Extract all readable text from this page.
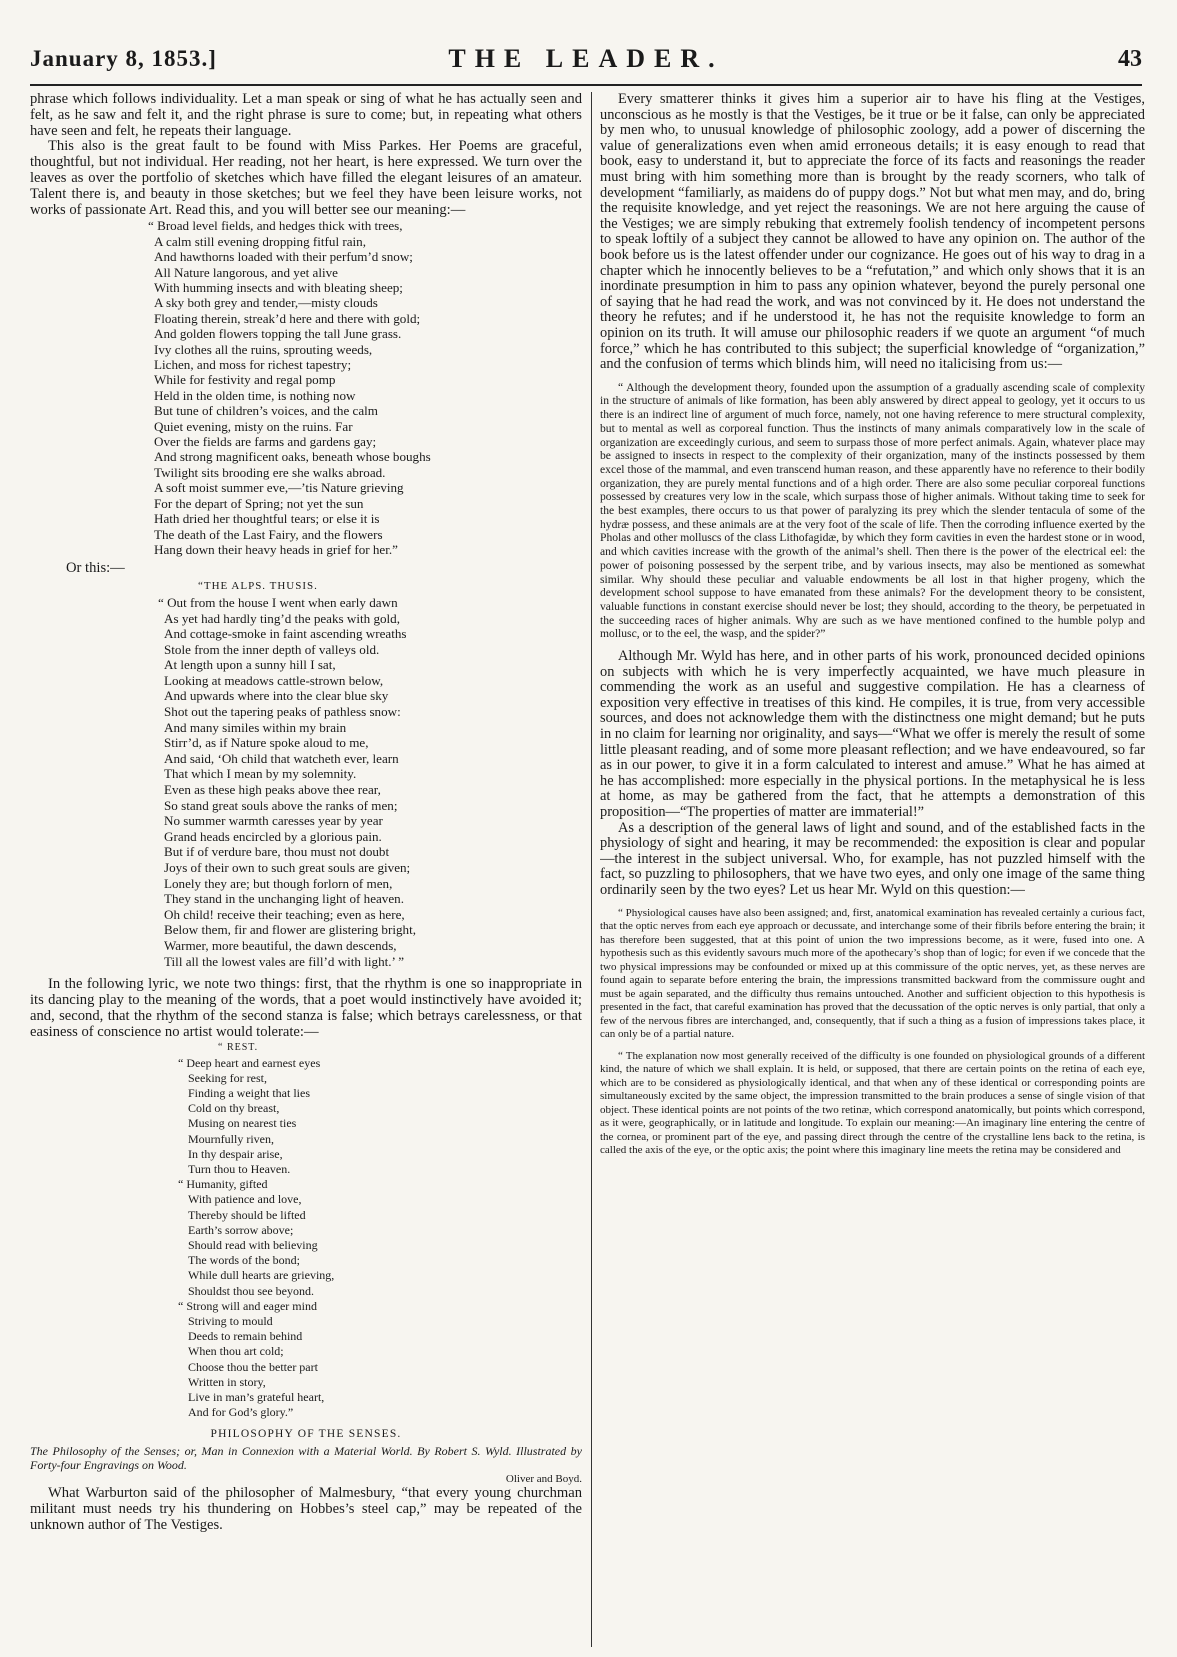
January 8, 1853.]	THE LEADER.	43

phrase which follows individuality. Let a man speak or sing of what he has actually seen and felt, as he saw and felt it, and the right phrase is sure to come; but, in repeating what others have seen and felt, he repeats their language.

This also is the great fault to be found with Miss Parkes. Her Poems are graceful, thoughtful, but not individual. Her reading, not her heart, is here expressed. We turn over the leaves as over the portfolio of sketches which have filled the elegant leisures of an amateur. Talent there is, and beauty in those sketches; but we feel they have been leisure works, not works of passionate Art. Read this, and you will better see our meaning:—

“ Broad level fields, and hedges thick with trees,
A calm still evening dropping fitful rain,
And hawthorns loaded with their perfum’d snow;
All Nature langorous, and yet alive
With humming insects and with bleating sheep;
A sky both grey and tender,—misty clouds
Floating therein, streak’d here and there with gold;
And golden flowers topping the tall June grass.
Ivy clothes all the ruins, sprouting weeds,
Lichen, and moss for richest tapestry;
While for festivity and regal pomp
Held in the olden time, is nothing now
But tune of children’s voices, and the calm
Quiet evening, misty on the ruins. Far
Over the fields are farms and gardens gay;
And strong magnificent oaks, beneath whose boughs
Twilight sits brooding ere she walks abroad.
A soft moist summer eve,—’tis Nature grieving
For the depart of Spring; not yet the sun
Hath dried her thoughtful tears; or else it is
The death of the Last Fairy, and the flowers
Hang down their heavy heads in grief for her.”
Or this:—
“THE ALPS. THUSIS.
“ Out from the house I went when early dawn
As yet had hardly ting’d the peaks with gold,
And cottage-smoke in faint ascending wreaths
Stole from the inner depth of valleys old.
At length upon a sunny hill I sat,
Looking at meadows cattle-strown below,
And upwards where into the clear blue sky
Shot out the tapering peaks of pathless snow:
And many similes within my brain
Stirr’d, as if Nature spoke aloud to me,
And said, ‘Oh child that watcheth ever, learn
That which I mean by my solemnity.
Even as these high peaks above thee rear,
So stand great souls above the ranks of men;
No summer warmth caresses year by year
Grand heads encircled by a glorious pain.
But if of verdure bare, thou must not doubt
Joys of their own to such great souls are given;
Lonely they are; but though forlorn of men,
They stand in the unchanging light of heaven.
Oh child! receive their teaching; even as here,
Below them, fir and flower are glistering bright,
Warmer, more beautiful, the dawn descends,
Till all the lowest vales are fill’d with light.’ ”

In the following lyric, we note two things: first, that the rhythm is one so inappropriate in its dancing play to the meaning of the words, that a poet would instinctively have avoided it; and, second, that the rhythm of the second stanza is false; which betrays carelessness, or that easiness of conscience no artist would tolerate:—

“ REST.
“ Deep heart and earnest eyes
Seeking for rest,
Finding a weight that lies
Cold on thy breast,
Musing on nearest ties
Mournfully riven,
In thy despair arise,
Turn thou to Heaven.
“ Humanity, gifted
With patience and love,
Thereby should be lifted
Earth’s sorrow above;
Should read with believing
The words of the bond;
While dull hearts are grieving,
Shouldst thou see beyond.
“ Strong will and eager mind
Striving to mould
Deeds to remain behind
When thou art cold;
Choose thou the better part
Written in story,
Live in man’s grateful heart,
And for God’s glory.”
PHILOSOPHY OF THE SENSES.
The Philosophy of the Senses; or, Man in Connexion with a Material World. By Robert S. Wyld. Illustrated by Forty-four Engravings on Wood.
Oliver and Boyd.

What Warburton said of the philosopher of Malmesbury, “that every young churchman militant must needs try his thundering on Hobbes’s steel cap,” may be repeated of the unknown author of The Vestiges.

Every smatterer thinks it gives him a superior air to have his fling at the Vestiges, unconscious as he mostly is that the Vestiges, be it true or be it false, can only be appreciated by men who, to unusual knowledge of philosophic zoology, add a power of discerning the value of generalizations even when amid erroneous details; it is easy enough to read that book, easy to understand it, but to appreciate the force of its facts and reasonings the reader must bring with him something more than is brought by the ready scorners, who talk of development “familiarly, as maidens do of puppy dogs.” Not but what men may, and do, bring the requisite knowledge, and yet reject the reasonings. We are not here arguing the cause of the Vestiges; we are simply rebuking that extremely foolish tendency of incompetent persons to speak loftily of a subject they cannot be allowed to have any opinion on. The author of the book before us is the latest offender under our cognizance. He goes out of his way to drag in a chapter which he innocently believes to be a “refutation,” and which only shows that it is an inordinate presumption in him to pass any opinion whatever, beyond the purely personal one of saying that he had read the work, and was not convinced by it. He does not understand the theory he refutes; and if he understood it, he has not the requisite knowledge to form an opinion on its truth. It will amuse our philosophic readers if we quote an argument “of much force,” which he has contributed to this subject; the superficial knowledge of “organization,” and the confusion of terms which blinds him, will need no italicising from us:—

“ Although the development theory, founded upon the assumption of a gradually ascending scale of complexity in the structure of animals of like formation, has been ably answered by direct appeal to geology, yet it occurs to us there is an indirect line of argument of much force, namely, not one having reference to mere structural complexity, but to mental as well as corporeal function. Thus the instincts of many animals comparatively low in the scale of organization are exceedingly curious, and seem to surpass those of more perfect animals. Again, whatever place may be assigned to insects in respect to the complexity of their organization, many of the instincts possessed by them excel those of the mammal, and even transcend human reason, and these apparently have no reference to their bodily organization, they are purely mental functions and of a high order. There are also some peculiar corporeal functions possessed by creatures very low in the scale, which surpass those of higher animals. Without taking time to seek for the best examples, there occurs to us that power of paralyzing its prey which the slender tentacula of some of the hydræ possess, and these animals are at the very foot of the scale of life. Then the corroding influence exerted by the Pholas and other molluscs of the class Lithofagidæ, by which they form cavities in even the hardest stone or in wood, and which cavities increase with the growth of the animal’s shell. Then there is the power of the electrical eel: the power of poisoning possessed by the serpent tribe, and by various insects, may also be mentioned as somewhat similar. Why should these peculiar and valuable endowments be all lost in that higher progeny, which the development school suppose to have emanated from these animals? For the development theory to be consistent, valuable functions in constant exercise should never be lost; they should, according to the theory, be perpetuated in the succeeding races of higher animals. Why are such as we have mentioned confined to the humble polyp and mollusc, or to the eel, the wasp, and the spider?”

Although Mr. Wyld has here, and in other parts of his work, pronounced decided opinions on subjects with which he is very imperfectly acquainted, we have much pleasure in commending the work as an useful and suggestive compilation. He has a clearness of exposition very effective in treatises of this kind. He compiles, it is true, from very accessible sources, and does not acknowledge them with the distinctness one might demand; but he puts in no claim for learning nor originality, and says—“What we offer is merely the result of some little pleasant reading, and of some more pleasant reflection; and we have endeavoured, so far as in our power, to give it in a form calculated to interest and amuse.” What he has aimed at he has accomplished: more especially in the physical portions. In the metaphysical he is less at home, as may be gathered from the fact, that he attempts a demonstration of this proposition—“The properties of matter are immaterial!”

As a description of the general laws of light and sound, and of the established facts in the physiology of sight and hearing, it may be recommended: the exposition is clear and popular—the interest in the subject universal. Who, for example, has not puzzled himself with the fact, so puzzling to philosophers, that we have two eyes, and only one image of the same thing ordinarily seen by the two eyes? Let us hear Mr. Wyld on this question:—

“ Physiological causes have also been assigned; and, first, anatomical examination has revealed certainly a curious fact, that the optic nerves from each eye approach or decussate, and interchange some of their fibrils before entering the brain; it has therefore been suggested, that at this point of union the two impressions become, as it were, fused into one. A hypothesis such as this evidently savours much more of the apothecary’s shop than of logic; for even if we concede that the two physical impressions may be confounded or mixed up at this commissure of the optic nerves, yet, as these nerves are found again to separate before entering the brain, the impressions transmitted backward from the commissure ought and must be again separated, and the difficulty thus remains untouched. Another and sufficient objection to this hypothesis is presented in the fact, that careful examination has proved that the decussation of the optic nerves is only partial, that only a few of the nervous fibres are interchanged, and, consequently, that if such a thing as a fusion of impressions takes place, it can only be of a partial nature.

“ The explanation now most generally received of the difficulty is one founded on physiological grounds of a different kind, the nature of which we shall explain. It is held, or supposed, that there are certain points on the retina of each eye, which are to be considered as physiologically identical, and that when any of these identical or corresponding points are simultaneously excited by the same object, the impression transmitted to the brain produces a sense of single vision of that object. These identical points are not points of the two retinæ, which correspond anatomically, but points which correspond, as it were, geographically, or in latitude and longitude. To explain our meaning:—An imaginary line entering the centre of the cornea, or prominent part of the eye, and passing direct through the centre of the crystalline lens back to the retina, is called the axis of the eye, or the optic axis; the point where this imaginary line meets the retina may be considered and
